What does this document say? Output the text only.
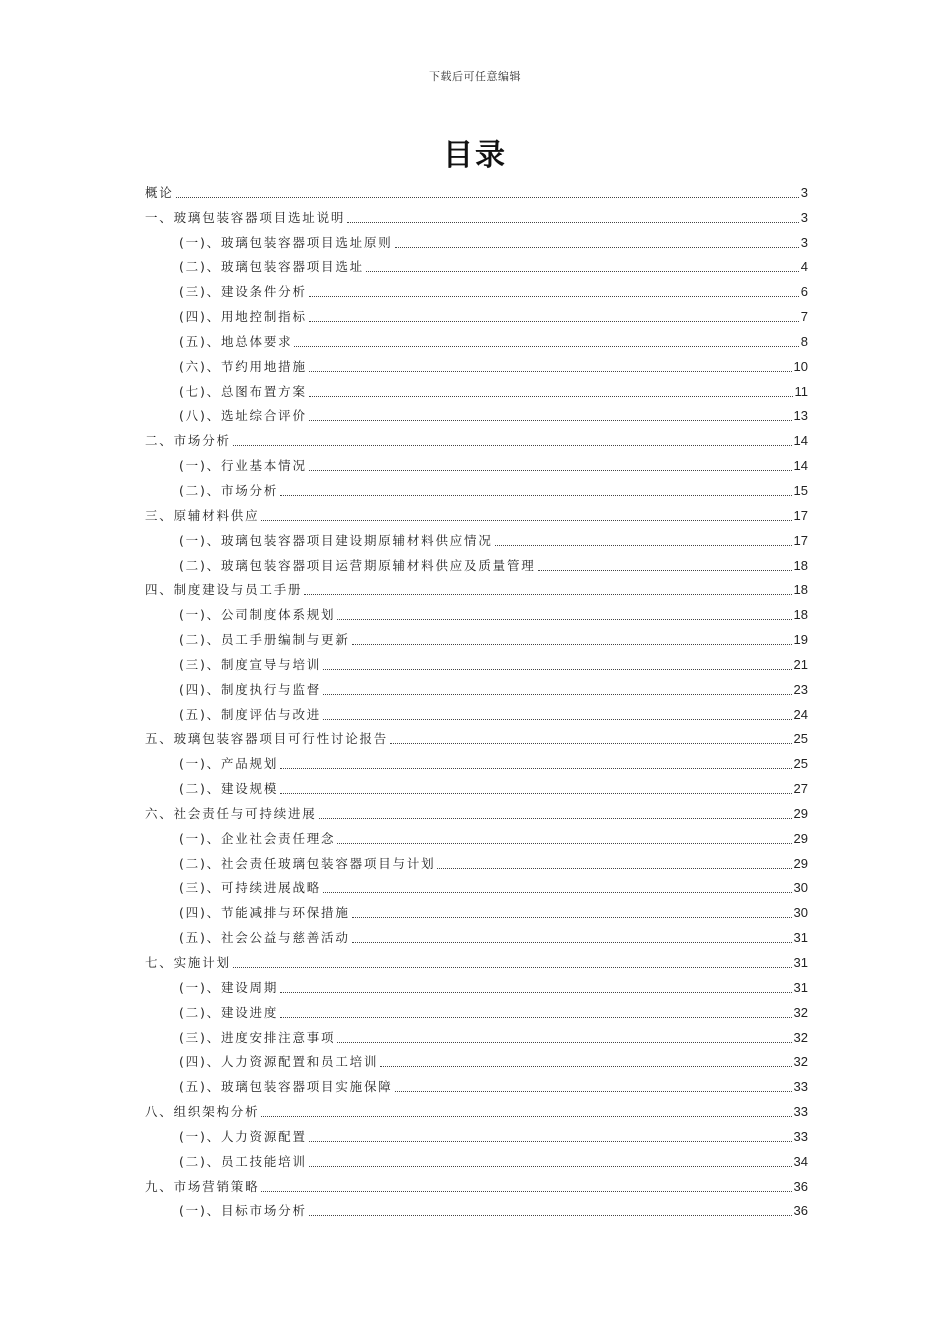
下载后可任意编辑
目录
概论	3
一、玻璃包装容器项目选址说明	3
(一)、玻璃包装容器项目选址原则	3
(二)、玻璃包装容器项目选址	4
(三)、建设条件分析	6
(四)、用地控制指标	7
(五)、地总体要求	8
(六)、节约用地措施	10
(七)、总图布置方案	11
(八)、选址综合评价	13
二、市场分析	14
(一)、行业基本情况	14
(二)、市场分析	15
三、原辅材料供应	17
(一)、玻璃包装容器项目建设期原辅材料供应情况	17
(二)、玻璃包装容器项目运营期原辅材料供应及质量管理	18
四、制度建设与员工手册	18
(一)、公司制度体系规划	18
(二)、员工手册编制与更新	19
(三)、制度宣导与培训	21
(四)、制度执行与监督	23
(五)、制度评估与改进	24
五、玻璃包装容器项目可行性讨论报告	25
(一)、产品规划	25
(二)、建设规模	27
六、社会责任与可持续进展	29
(一)、企业社会责任理念	29
(二)、社会责任玻璃包装容器项目与计划	29
(三)、可持续进展战略	30
(四)、节能减排与环保措施	30
(五)、社会公益与慈善活动	31
七、实施计划	31
(一)、建设周期	31
(二)、建设进度	32
(三)、进度安排注意事项	32
(四)、人力资源配置和员工培训	32
(五)、玻璃包装容器项目实施保障	33
八、组织架构分析	33
(一)、人力资源配置	33
(二)、员工技能培训	34
九、市场营销策略	36
(一)、目标市场分析	36
